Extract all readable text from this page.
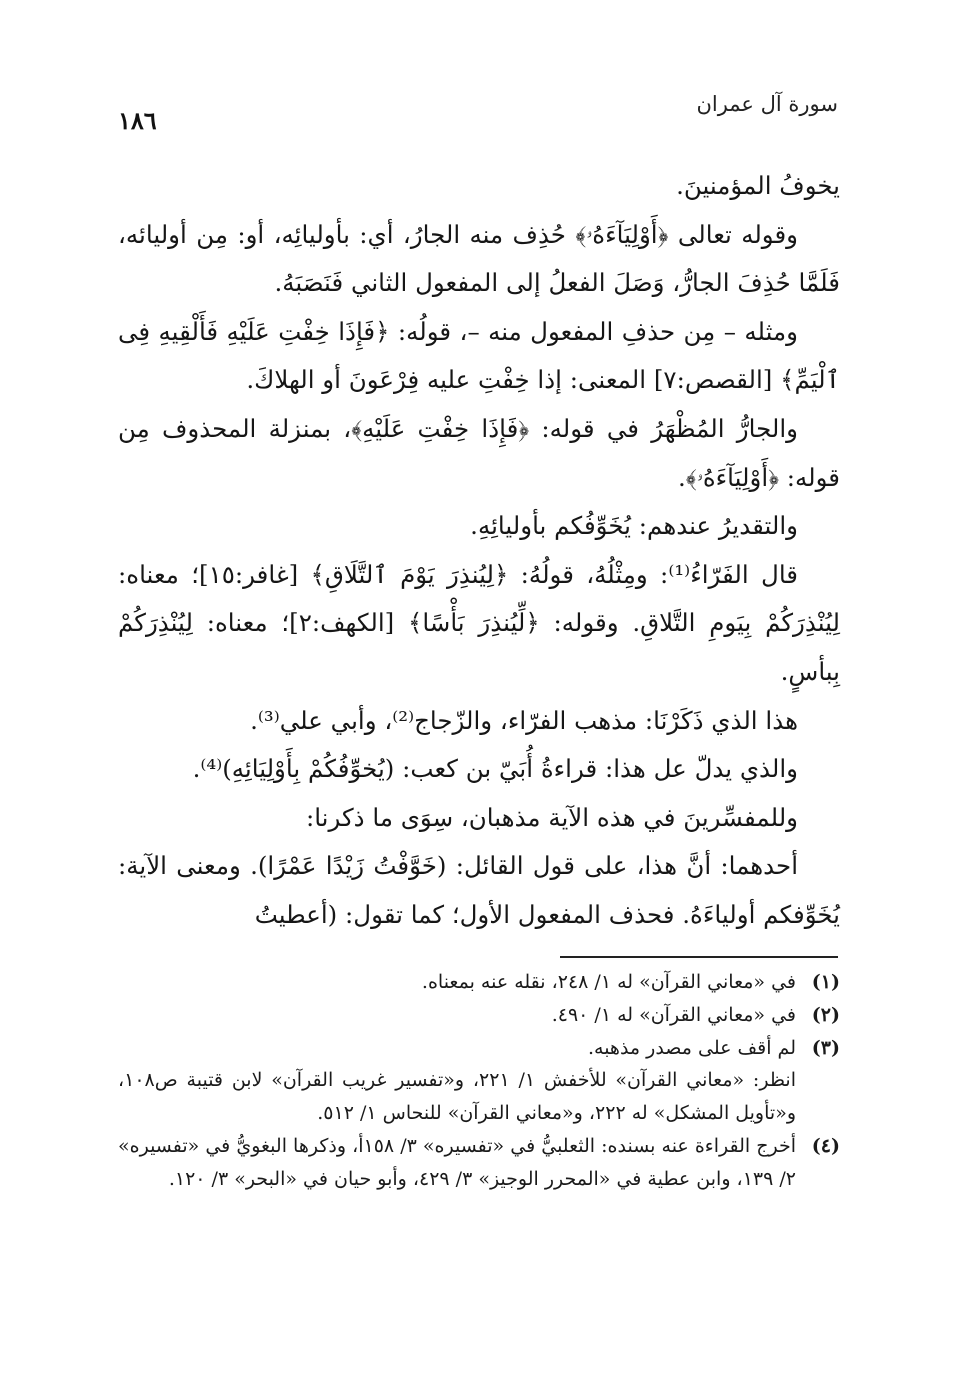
سورة آل عمران
١٨٦

يخوفُ المؤمنينَ.

وقوله تعالى ﴿أَوْلِيَآءَهُۥ﴾ حُذِف منه الجارُ، أي: بأوليائِه، أو: مِن أوليائه، فَلَمَّا حُذِفَ الجارُّ، وَصَلَ الفعلُ إلى المفعول الثاني فَنَصَبَهُ.

ومثله – مِن حذفِ المفعول منه –، قولُه: ﴿فَإِذَا خِفْتِ عَلَيْهِ فَأَلْقِيهِ فِى ٱلْيَمِّ﴾ [القصص:٧] المعنى: إذا خِفْتِ عليه فِرْعَونَ أو الهلاكَ.

والجارُّ المُظْهَرُ في قوله: ﴿فَإِذَا خِفْتِ عَلَيْهِ﴾، بمنزلة المحذوف مِن قوله: ﴿أَوْلِيَآءَهُۥ﴾.

والتقديرُ عندهم: يُخَوِّفُكم بأوليائِهِ.

قال الفَرّاءُ⁽¹⁾: ومِثْلُهُ، قولُهُ: ﴿لِيُنذِرَ يَوْمَ ٱلتَّلَاقِ﴾ [غافر:١٥]؛ معناه: لِيُنْذِرَكُمْ بِيَومِ التَّلاقِ. وقوله: ﴿لِّيُنذِرَ بَأْسًا﴾ [الكهف:٢]؛ معناه: لِيُنْذِرَكُمْ بِبأسٍ.

هذا الذي ذَكَرْنَا: مذهب الفرّاء، والزّجاج⁽²⁾، وأبي علي⁽³⁾.

والذي يدلّ عل هذا: قراءةُ أُبَيّ بن كعب: (يُخوِّفُكُمْ بِأَوْلِيَائِهِ)⁽⁴⁾.

وللمفسِّرينَ في هذه الآية مذهبان، سِوَى ما ذكرنا:

أحدهما: أنَّ هذا، على قول القائل: (خَوَّفْتُ زَيْدًا عَمْرًا). ومعنى الآية: يُخَوِّفكم أولياءَهُ. فحذف المفعول الأول؛ كما تقول: (أعطيتُ

(١)
في «معاني القرآن» له ١/ ٢٤٨، نقله عنه بمعناه.

(٢)
في «معاني القرآن» له ١/ ٤٩٠.

(٣)
لم أقف على مصدر مذهبه.

انظر: «معاني القرآن» للأخفش ١/ ٢٢١، و«تفسير غريب القرآن» لابن قتيبة ص١٠٨، و«تأويل المشكل» له ٢٢٢، و«معاني القرآن» للنحاس ١/ ٥١٢.

(٤)
أخرج القراءة عنه بسنده: الثعلبيُّ في «تفسيره» ٣/ ١٥٨أ، وذكرها البغويُّ في «تفسيره» ٢/ ١٣٩، وابن عطية في «المحرر الوجيز» ٣/ ٤٢٩، وأبو حيان في «البحر» ٣/ ١٢٠.
